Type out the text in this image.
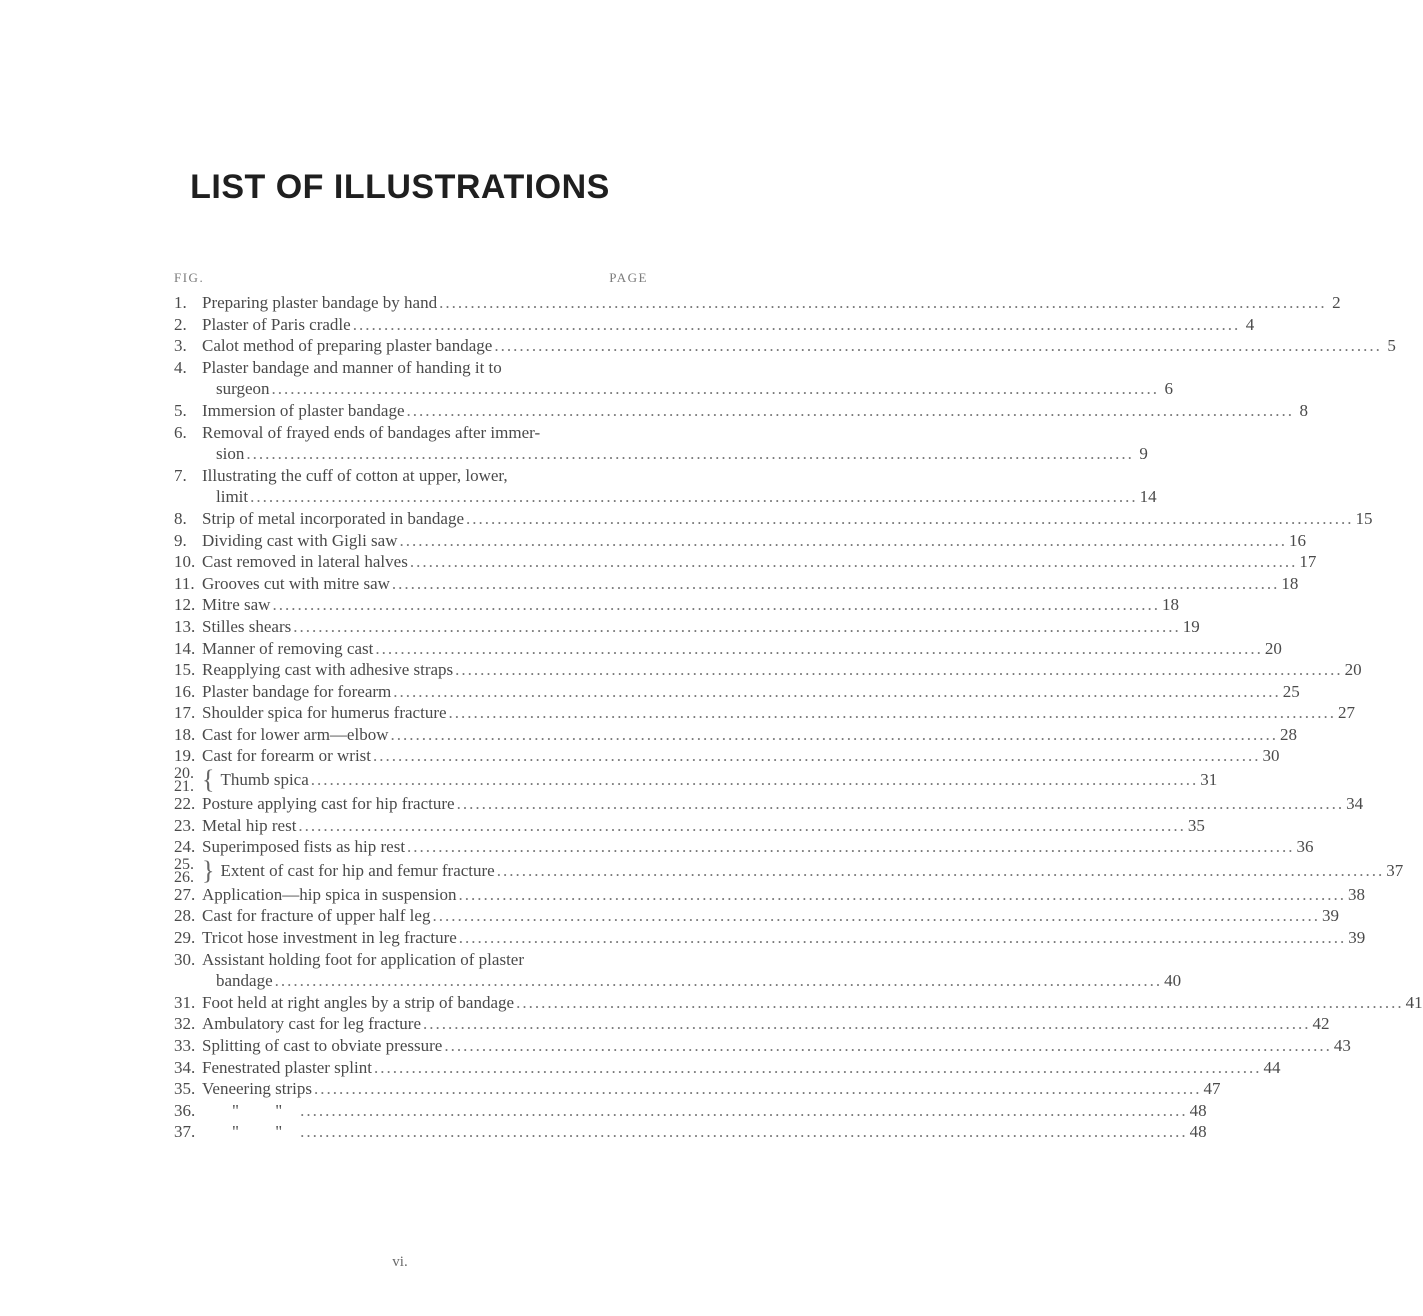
LIST OF ILLUSTRATIONS
FIG.	PAGE
1. Preparing plaster bandage by hand .....	2
2. Plaster of Paris cradle .....	4
3. Calot method of preparing plaster bandage .....	5
4. Plaster bandage and manner of handing it to
surgeon .....	6
5. Immersion of plaster bandage .....	8
6. Removal of frayed ends of bandages after immer-
sion .....	9
7. Illustrating the cuff of cotton at upper, lower,
limit .....	14
8. Strip of metal incorporated in bandage .....	15
9. Dividing cast with Gigli saw .....	16
10. Cast removed in lateral halves .....	17
11. Grooves cut with mitre saw .....	18
12. Mitre saw .....	18
13. Stilles shears .....	19
14. Manner of removing cast .....	20
15. Reapplying cast with adhesive straps .....	20
16. Plaster bandage for forearm .....	25
17. Shoulder spica for humerus fracture .....	27
18. Cast for lower arm—elbow .....	28
19. Cast for forearm or wrist .....	30
20.
21. { Thumb spica .....	31
22. Posture applying cast for hip fracture .....	34
23. Metal hip rest .....	35
24. Superimposed fists as hip rest .....	36
25.
26. } Extent of cast for hip and femur fracture .....	37
27. Application—hip spica in suspension .....	38
28. Cast for fracture of upper half leg .....	39
29. Tricot hose investment in leg fracture .....	39
30. Assistant holding foot for application of plaster
bandage .....	40
31. Foot held at right angles by a strip of bandage .....	41
32. Ambulatory cast for leg fracture .....	42
33. Splitting of cast to obviate pressure .....	43
34. Fenestrated plaster splint .....	44
35. Veneering strips .....	47
36.	" " .....	48
37.	" " .....	48
vi.
